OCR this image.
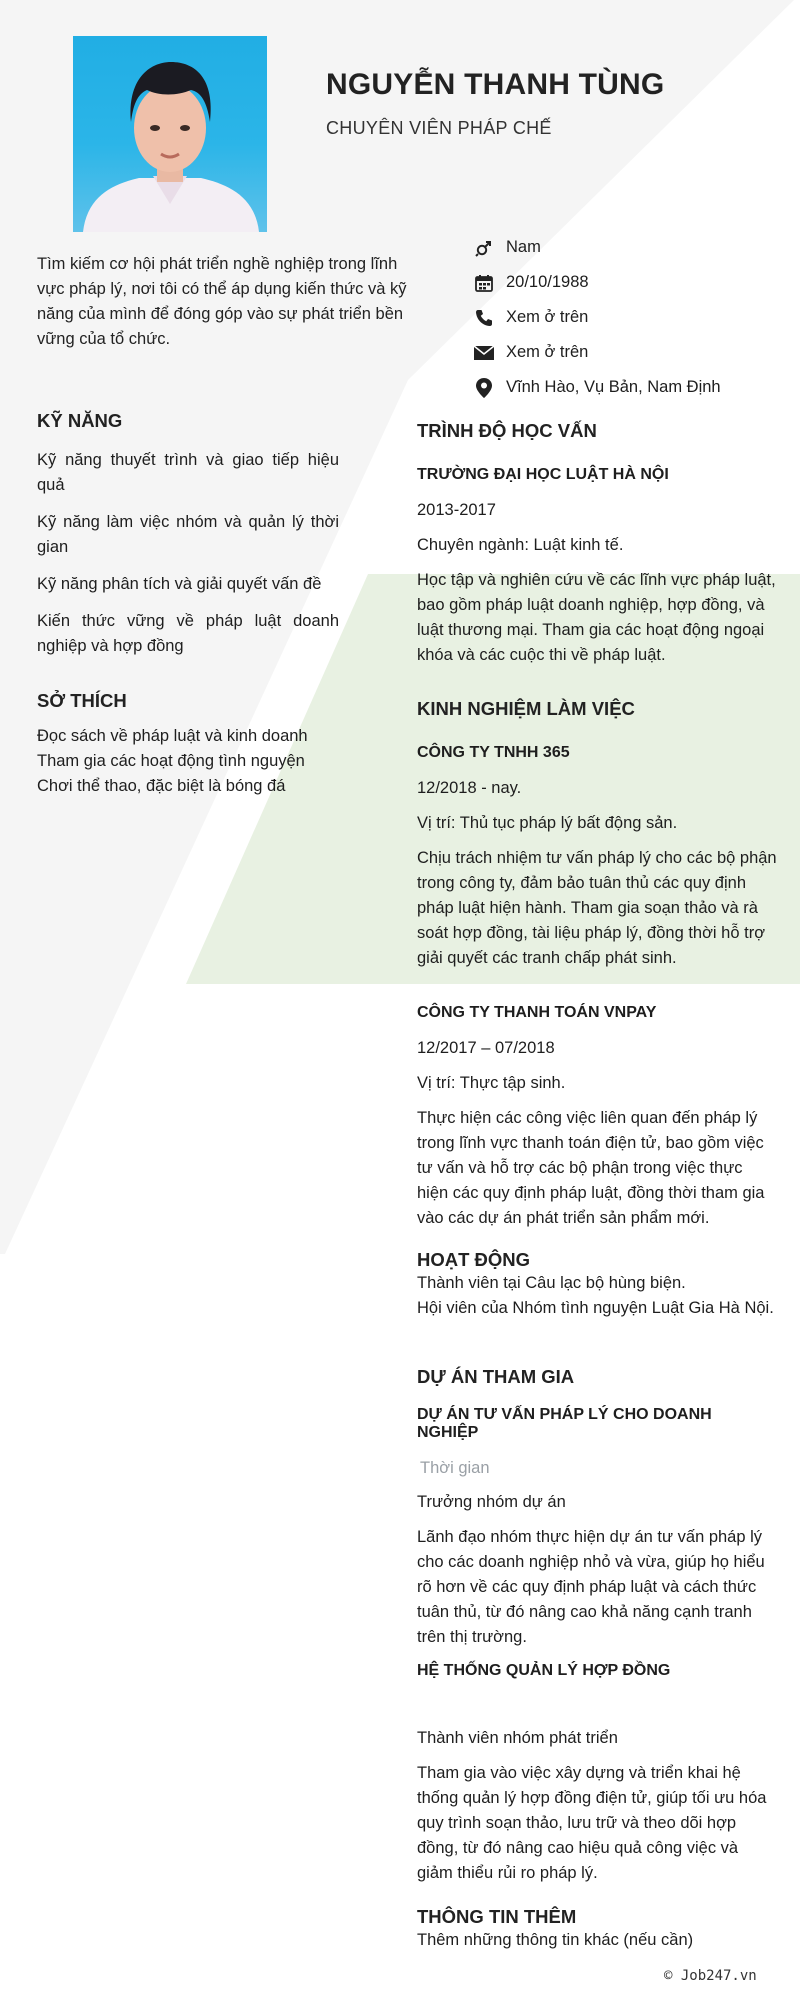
NGUYỄN THANH TÙNG
CHUYÊN VIÊN PHÁP CHẾ
Tìm kiếm cơ hội phát triển nghề nghiệp trong lĩnh vực pháp lý, nơi tôi có thể áp dụng kiến thức và kỹ năng của mình để đóng góp vào sự phát triển bền vững của tổ chức.
Nam
20/10/1988
Xem ở trên
Xem ở trên
Vĩnh Hào, Vụ Bản, Nam Định
KỸ NĂNG
Kỹ năng thuyết trình và giao tiếp hiệu quả
Kỹ năng làm việc nhóm và quản lý thời gian
Kỹ năng phân tích và giải quyết vấn đề
Kiến thức vững về pháp luật doanh nghiệp và hợp đồng
SỞ THÍCH
Đọc sách về pháp luật và kinh doanh
Tham gia các hoạt động tình nguyện
Chơi thể thao, đặc biệt là bóng đá
TRÌNH ĐỘ HỌC VẤN
TRƯỜNG ĐẠI HỌC LUẬT HÀ NỘI
2013-2017
Chuyên ngành: Luật kinh tế.
Học tập và nghiên cứu về các lĩnh vực pháp luật, bao gồm pháp luật doanh nghiệp, hợp đồng, và luật thương mại. Tham gia các hoạt động ngoại khóa và các cuộc thi về pháp luật.
KINH NGHIỆM LÀM VIỆC
CÔNG TY TNHH 365
12/2018 - nay.
Vị trí: Thủ tục pháp lý bất động sản.
Chịu trách nhiệm tư vấn pháp lý cho các bộ phận trong công ty, đảm bảo tuân thủ các quy định pháp luật hiện hành. Tham gia soạn thảo và rà soát hợp đồng, tài liệu pháp lý, đồng thời hỗ trợ giải quyết các tranh chấp phát sinh.
CÔNG TY THANH TOÁN VNPAY
12/2017 – 07/2018
Vị trí: Thực tập sinh.
Thực hiện các công việc liên quan đến pháp lý trong lĩnh vực thanh toán điện tử, bao gồm việc tư vấn và hỗ trợ các bộ phận trong việc thực hiện các quy định pháp luật, đồng thời tham gia vào các dự án phát triển sản phẩm mới.
HOẠT ĐỘNG
Thành viên tại Câu lạc bộ hùng biện.
Hội viên của Nhóm tình nguyện Luật Gia Hà Nội.
DỰ ÁN THAM GIA
DỰ ÁN TƯ VẤN PHÁP LÝ CHO DOANH NGHIỆP
Thời gian
Trưởng nhóm dự án
Lãnh đạo nhóm thực hiện dự án tư vấn pháp lý cho các doanh nghiệp nhỏ và vừa, giúp họ hiểu rõ hơn về các quy định pháp luật và cách thức tuân thủ, từ đó nâng cao khả năng cạnh tranh trên thị trường.
HỆ THỐNG QUẢN LÝ HỢP ĐỒNG
Thành viên nhóm phát triển
Tham gia vào việc xây dựng và triển khai hệ thống quản lý hợp đồng điện tử, giúp tối ưu hóa quy trình soạn thảo, lưu trữ và theo dõi hợp đồng, từ đó nâng cao hiệu quả công việc và giảm thiểu rủi ro pháp lý.
THÔNG TIN THÊM
Thêm những thông tin khác (nếu cần)
© Job247.vn
